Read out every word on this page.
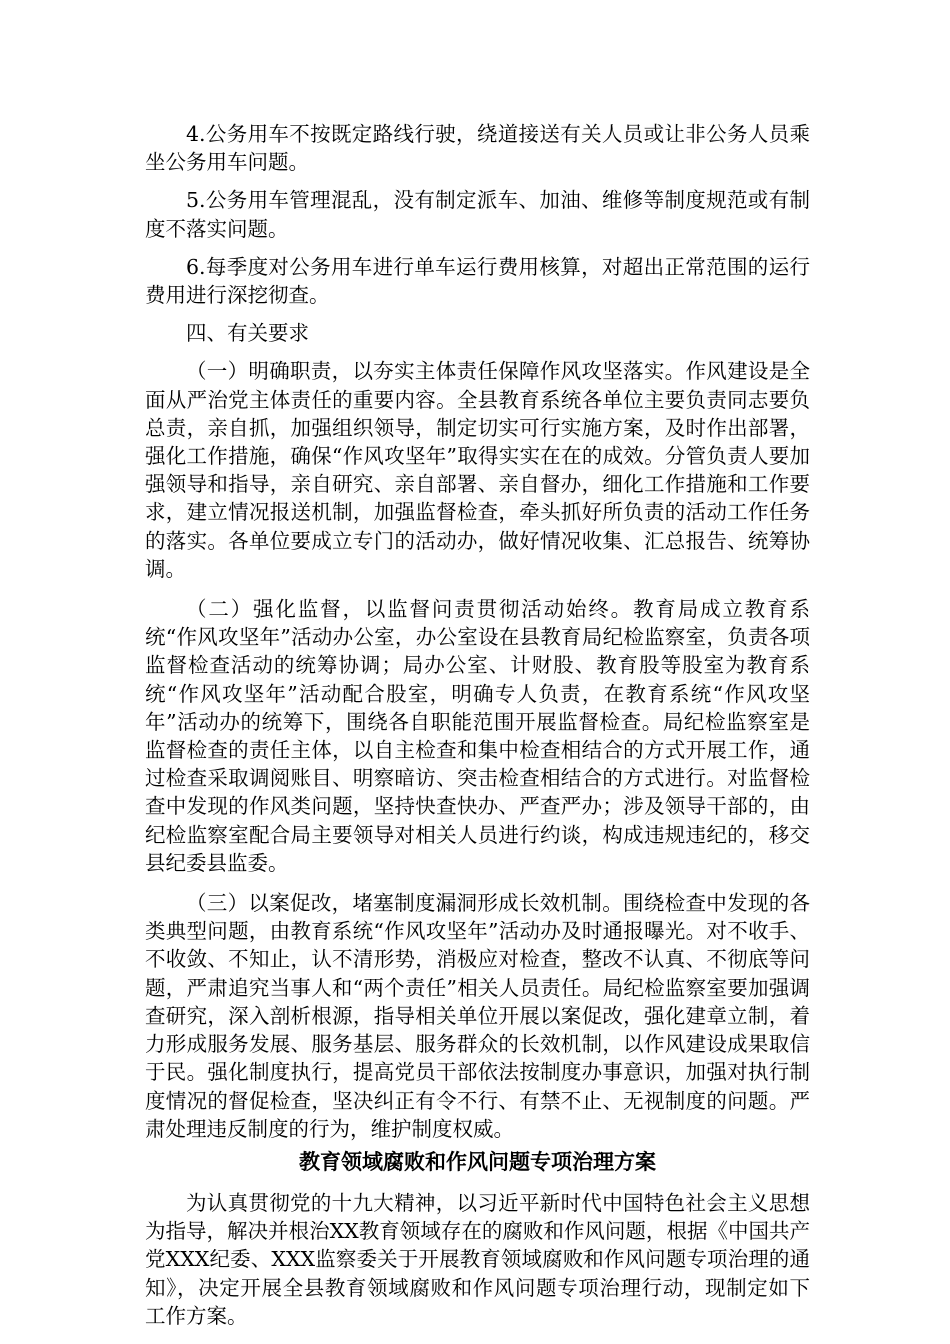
4.公务用车不按既定路线行驶，绕道接送有关人员或让非公务人员乘坐公务用车问题。

5.公务用车管理混乱，没有制定派车、加油、维修等制度规范或有制度不落实问题。

6.每季度对公务用车进行单车运行费用核算，对超出正常范围的运行费用进行深挖彻查。

四、有关要求

（一）明确职责，以夯实主体责任保障作风攻坚落实。作风建设是全面从严治党主体责任的重要内容。全县教育系统各单位主要负责同志要负总责，亲自抓，加强组织领导，制定切实可行实施方案，及时作出部署，强化工作措施，确保“作风攻坚年”取得实实在在的成效。分管负责人要加强领导和指导，亲自研究、亲自部署、亲自督办，细化工作措施和工作要求，建立情况报送机制，加强监督检查，牵头抓好所负责的活动工作任务的落实。各单位要成立专门的活动办，做好情况收集、汇总报告、统筹协调。

（二）强化监督，以监督问责贯彻活动始终。教育局成立教育系统“作风攻坚年”活动办公室，办公室设在县教育局纪检监察室，负责各项监督检查活动的统筹协调；局办公室、计财股、教育股等股室为教育系统“作风攻坚年”活动配合股室，明确专人负责，在教育系统“作风攻坚年”活动办的统筹下，围绕各自职能范围开展监督检查。局纪检监察室是监督检查的责任主体，以自主检查和集中检查相结合的方式开展工作，通过检查采取调阅账目、明察暗访、突击检查相结合的方式进行。对监督检查中发现的作风类问题，坚持快查快办、严查严办；涉及领导干部的，由纪检监察室配合局主要领导对相关人员进行约谈，构成违规违纪的，移交县纪委县监委。

（三）以案促改，堵塞制度漏洞形成长效机制。围绕检查中发现的各类典型问题，由教育系统“作风攻坚年”活动办及时通报曝光。对不收手、不收敛、不知止，认不清形势，消极应对检查，整改不认真、不彻底等问题，严肃追究当事人和“两个责任”相关人员责任。局纪检监察室要加强调查研究，深入剖析根源，指导相关单位开展以案促改，强化建章立制，着力形成服务发展、服务基层、服务群众的长效机制，以作风建设成果取信于民。强化制度执行，提高党员干部依法按制度办事意识，加强对执行制度情况的督促检查，坚决纠正有令不行、有禁不止、无视制度的问题。严肃处理违反制度的行为，维护制度权威。

教育领域腐败和作风问题专项治理方案

为认真贯彻党的十九大精神，以习近平新时代中国特色社会主义思想为指导，解决并根治XX教育领域存在的腐败和作风问题，根据《中国共产党XXX纪委、XXX监察委关于开展教育领域腐败和作风问题专项治理的通知》，决定开展全县教育领域腐败和作风问题专项治理行动，现制定如下工作方案。
